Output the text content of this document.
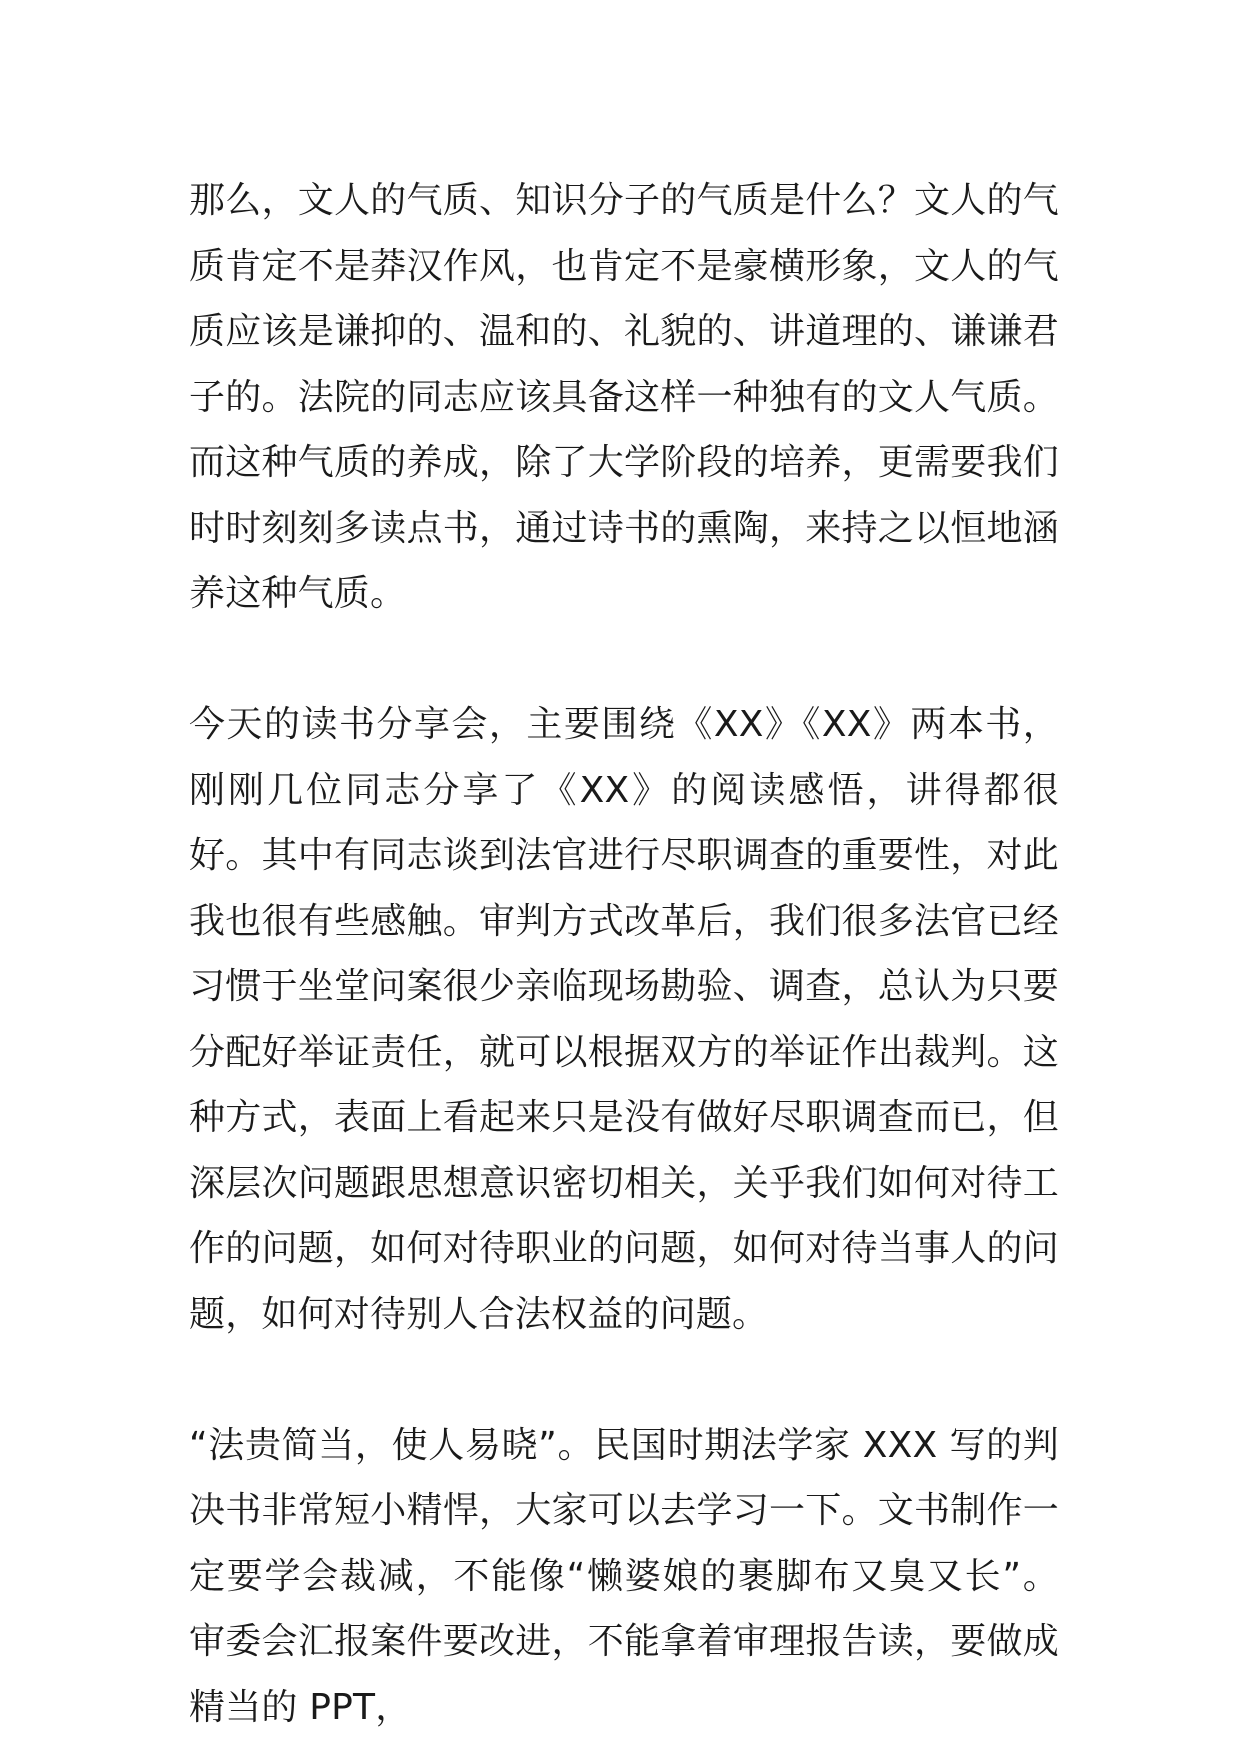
那么，文人的气质、知识分子的气质是什么？文人的气质肯定不是莽汉作风，也肯定不是豪横形象，文人的气质应该是谦抑的、温和的、礼貌的、讲道理的、谦谦君子的。法院的同志应该具备这样一种独有的文人气质。而这种气质的养成，除了大学阶段的培养，更需要我们时时刻刻多读点书，通过诗书的熏陶，来持之以恒地涵养这种气质。

今天的读书分享会，主要围绕《XX》《XX》两本书，刚刚几位同志分享了《XX》的阅读感悟，讲得都很好。其中有同志谈到法官进行尽职调查的重要性，对此我也很有些感触。审判方式改革后，我们很多法官已经习惯于坐堂问案很少亲临现场勘验、调查，总认为只要分配好举证责任，就可以根据双方的举证作出裁判。这种方式，表面上看起来只是没有做好尽职调查而已，但深层次问题跟思想意识密切相关，关乎我们如何对待工作的问题，如何对待职业的问题，如何对待当事人的问题，如何对待别人合法权益的问题。

“法贵简当，使人易晓”。民国时期法学家 XXX 写的判决书非常短小精悍，大家可以去学习一下。文书制作一定要学会裁减，不能像“懒婆娘的裹脚布又臭又长”。审委会汇报案件要改进，不能拿着审理报告读，要做成精当的 PPT，
